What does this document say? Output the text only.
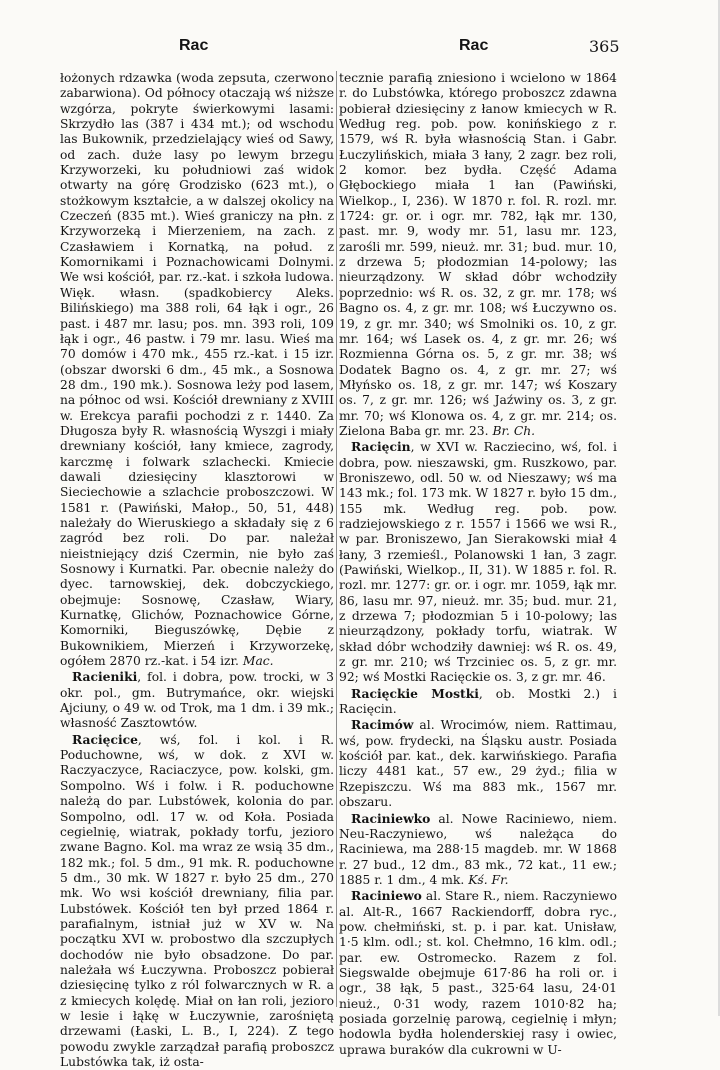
Rac	Rac	365

łożonych rdzawka (woda zepsuta, czerwono zabarwiona). Od północy otaczają wś niższe wzgórza, pokryte świerkowymi lasami: Skrzydło las (387 i 434 mt.); od wschodu las Bukownik, przedzielający wieś od Sawy, od zach. duże lasy po lewym brzegu Krzyworzeki, ku południowi zaś widok otwarty na górę Grodzisko (623 mt.), o stożkowym kształcie, a w dalszej okolicy na Czeczeń (835 mt.). Wieś graniczy na płn. z Krzyworzeką i Mierzeniem, na zach. z Czasławiem i Kornatką, na połud. z Komornikami i Poznachowicami Dolnymi. We wsi kościół, par. rz.-kat. i szkoła ludowa. Więk. własn. (spadkobiercy Aleks. Bilińskiego) ma 388 roli, 64 łąk i ogr., 26 past. i 487 mr. lasu; pos. mn. 393 roli, 109 łąk i ogr., 46 pastw. i 79 mr. lasu. Wieś ma 70 domów i 470 mk., 455 rz.-kat. i 15 izr. (obszar dworski 6 dm., 45 mk., a Sosnowa 28 dm., 190 mk.). Sosnowa leży pod lasem, na północ od wsi. Kościół drewniany z XVIII w. Erekcya parafii pochodzi z r. 1440. Za Długosza były R. własnością Wyszgi i miały drewniany kościół, łany kmiece, zagrody, karczmę i folwark szlachecki. Kmiecie dawali dziesięciny klasztorowi w Sieciechowie a szlachcie proboszczowi. W 1581 r. (Pawiński, Małop., 50, 51, 448) należały do Wieruskiego a składały się z 6 zagród bez roli. Do par. należał nieistniejący dziś Czermin, nie było zaś Sosnowy i Kurnatki. Par. obecnie należy do dyec. tarnowskiej, dek. dobczyckiego, obejmuje: Sosnowę, Czasław, Wiary, Kurnatkę, Glichów, Poznachowice Górne, Komorniki, Bieguszówkę, Dębie z Bukownikiem, Mierzeń i Krzyworzekę, ogółem 2870 rz.-kat. i 54 izr. Mac.

Racieniki, fol. i dobra, pow. trocki, w 3 okr. pol., gm. Butrymańce, okr. wiejski Ajciuny, o 49 w. od Trok, ma 1 dm. i 39 mk.; własność Zasztowtów.

Racięcice, wś, fol. i kol. i R. Poduchowne, wś, w dok. z XVI w. Raczyaczyce, Raciaczyce, pow. kolski, gm. Sompolno. Wś i folw. i R. poduchowne należą do par. Lubstówek, kolonia do par. Sompolno, odl. 17 w. od Koła. Posiada cegielnię, wiatrak, pokłady torfu, jezioro zwane Bagno. Kol. ma wraz ze wsią 35 dm., 182 mk.; fol. 5 dm., 91 mk. R. poduchowne 5 dm., 30 mk. W 1827 r. było 25 dm., 270 mk. Wo wsi kościół drewniany, filia par. Lubstówek. Kościół ten był przed 1864 r. parafialnym, istniał już w XV w. Na początku XVI w. probostwo dla szczupłych dochodów nie było obsadzone. Do par. należała wś Łuczywna. Proboszcz pobierał dziesięcinę tylko z ról folwarcznych w R. a z kmiecych kolędę. Miał on łan roli, jezioro w lesie i łąkę w Łuczywnie, zarośniętą drzewami (Łaski, L. B., I, 224). Z tego powodu zwykle zarządzał parafią proboszcz Lubstówka tak, iż osta-

tecznie parafią zniesiono i wcielono w 1864 r. do Lubstówka, którego proboszcz zdawna pobierał dziesięciny z łanow kmiecych w R. Według reg. pob. pow. konińskiego z r. 1579, wś R. była własnością Stan. i Gabr. Łuczylińskich, miała 3 łany, 2 zagr. bez roli, 2 komor. bez bydła. Część Adama Głębockiego miała 1 łan (Pawiński, Wielkop., I, 236). W 1870 r. fol. R. rozl. mr. 1724: gr. or. i ogr. mr. 782, łąk mr. 130, past. mr. 9, wody mr. 51, lasu mr. 123, zarośli mr. 599, nieuż. mr. 31; bud. mur. 10, z drzewa 5; płodozmian 14-polowy; las nieurządzony. W skład dóbr wchodziły poprzednio: wś R. os. 32, z gr. mr. 178; wś Bagno os. 4, z gr. mr. 108; wś Łuczywno os. 19, z gr. mr. 340; wś Smolniki os. 10, z gr. mr. 164; wś Lasek os. 4, z gr. mr. 26; wś Rozmienna Górna os. 5, z gr. mr. 38; wś Dodatek Bagno os. 4, z gr. mr. 27; wś Młyńsko os. 18, z gr. mr. 147; wś Koszary os. 7, z gr. mr. 126; wś Jaźwiny os. 3, z gr. mr. 70; wś Klonowa os. 4, z gr. mr. 214; os. Zielona Baba gr. mr. 23. Br. Ch.

Racięcin, w XVI w. Racziecino, wś, fol. i dobra, pow. nieszawski, gm. Ruszkowo, par. Broniszewo, odl. 50 w. od Nieszawy; wś ma 143 mk.; fol. 173 mk. W 1827 r. było 15 dm., 155 mk. Według reg. pob. pow. radziejowskiego z r. 1557 i 1566 we wsi R., w par. Broniszewo, Jan Sierakowski miał 4 łany, 3 rzemieśl., Polanowski 1 łan, 3 zagr. (Pawiński, Wielkop., II, 31). W 1885 r. fol. R. rozl. mr. 1277: gr. or. i ogr. mr. 1059, łąk mr. 86, lasu mr. 97, nieuż. mr. 35; bud. mur. 21, z drzewa 7; płodozmian 5 i 10-polowy; las nieurządzony, pokłady torfu, wiatrak. W skład dóbr wchodziły dawniej: wś R. os. 49, z gr. mr. 210; wś Trzciniec os. 5, z gr. mr. 92; wś Mostki Racięckie os. 3, z gr. mr. 46.

Racięckie Mostki, ob. Mostki 2.) i Racięcin.

Racimów al. Wrocimów, niem. Rattimau, wś, pow. frydecki, na Śląsku austr. Posiada kościół par. kat., dek. karwińskiego. Parafia liczy 4481 kat., 57 ew., 29 żyd.; filia w Rzepiszczu. Wś ma 883 mk., 1567 mr. obszaru.

Raciniewko al. Nowe Raciniewo, niem. Neu-Raczyniewo, wś należąca do Raciniewa, ma 288·15 magdeb. mr. W 1868 r. 27 bud., 12 dm., 83 mk., 72 kat., 11 ew.; 1885 r. 1 dm., 4 mk. Kś. Fr.

Raciniewo al. Stare R., niem. Raczyniewo al. Alt-R., 1667 Rackiendorff, dobra ryc., pow. chełmiński, st. p. i par. kat. Unisław, 1·5 klm. odl.; st. kol. Chełmno, 16 klm. odl.; par. ew. Ostromecko. Razem z fol. Siegswalde obejmuje 617·86 ha roli or. i ogr., 38 łąk, 5 past., 325·64 lasu, 24·01 nieuż., 0·31 wody, razem 1010·82 ha; posiada gorzelnię parową, cegielnię i młyn; hodowla bydła holenderskiej rasy i owiec, uprawa buraków dla cukrowni w U-
